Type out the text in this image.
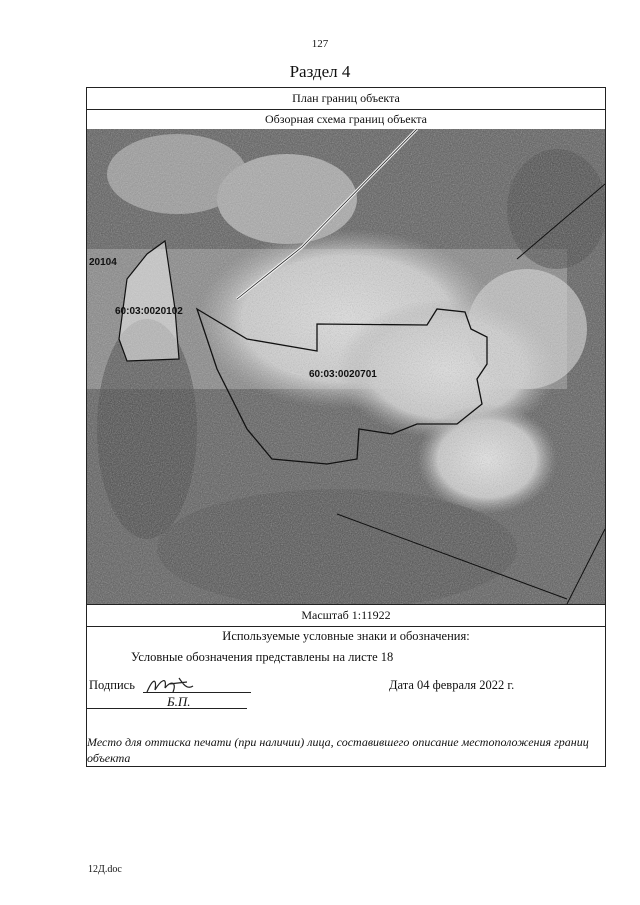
127
Раздел 4
План границ объекта
Обзорная схема границ объекта
20104
60:03:0020102
60:03:0020701
Масштаб 1:11922
Используемые условные знаки и обозначения:
Условные обозначения представлены на листе 18
Подпись	Дата 04 февраля 2022 г.
Б.П.
Место для оттиска печати (при наличии) лица, составившего описание местоположения границ объекта
12Д.doc
